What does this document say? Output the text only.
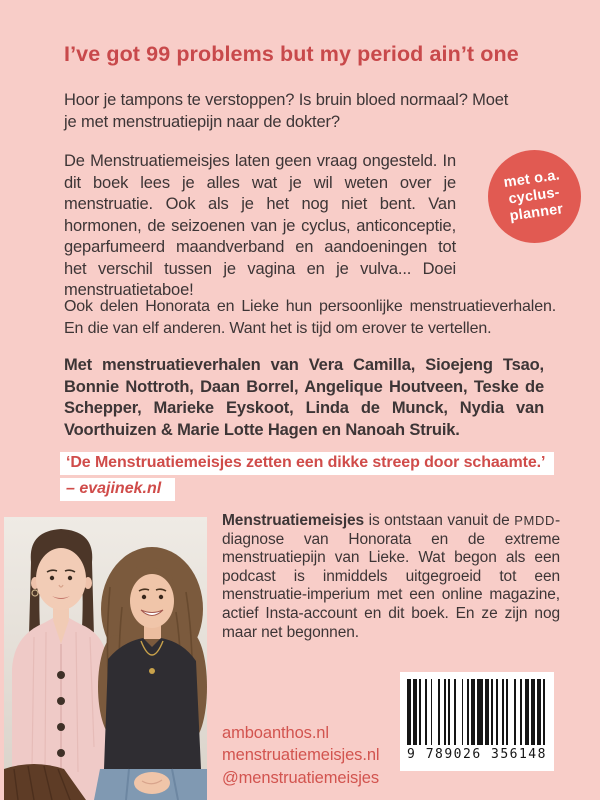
I’ve got 99 problems but my period ain’t one
Hoor je tampons te verstoppen? Is bruin bloed normaal? Moet je met menstruatiepijn naar de dokter?
De Menstruatiemeisjes laten geen vraag ongesteld. In dit boek lees je alles wat je wil weten over je menstruatie. Ook als je het nog niet bent. Van hormonen, de seizoenen van je cyclus, anticonceptie, geparfumeerd maandverband en aandoeningen tot het verschil tussen je vagina en je vulva... Doei menstruatietaboe!
met o.a.
cyclus-
planner
Ook delen Honorata en Lieke hun persoonlijke menstruatieverhalen. En die van elf anderen. Want het is tijd om erover te vertellen.
Met menstruatieverhalen van Vera Camilla, Sioejeng Tsao, Bonnie Nottroth, Daan Borrel, Angelique Houtveen, Teske de Schepper, Marieke Eyskoot, Linda de Munck, Nydia van Voorthuizen & Marie Lotte Hagen en Nanoah Struik.
‘De Menstruatiemeisjes zetten een dikke streep door schaamte.’
– evajinek.nl
Menstruatiemeisjes is ontstaan vanuit de PMDD-diagnose van Honorata en de extreme menstruatiepijn van Lieke. Wat begon als een podcast is inmiddels uitgegroeid tot een menstruatie-imperium met een online magazine, actief Insta-account en dit boek. En ze zijn nog maar net begonnen.
amboanthos.nl
menstruatiemeisjes.nl
@menstruatiemeisjes
9 789026 356148
